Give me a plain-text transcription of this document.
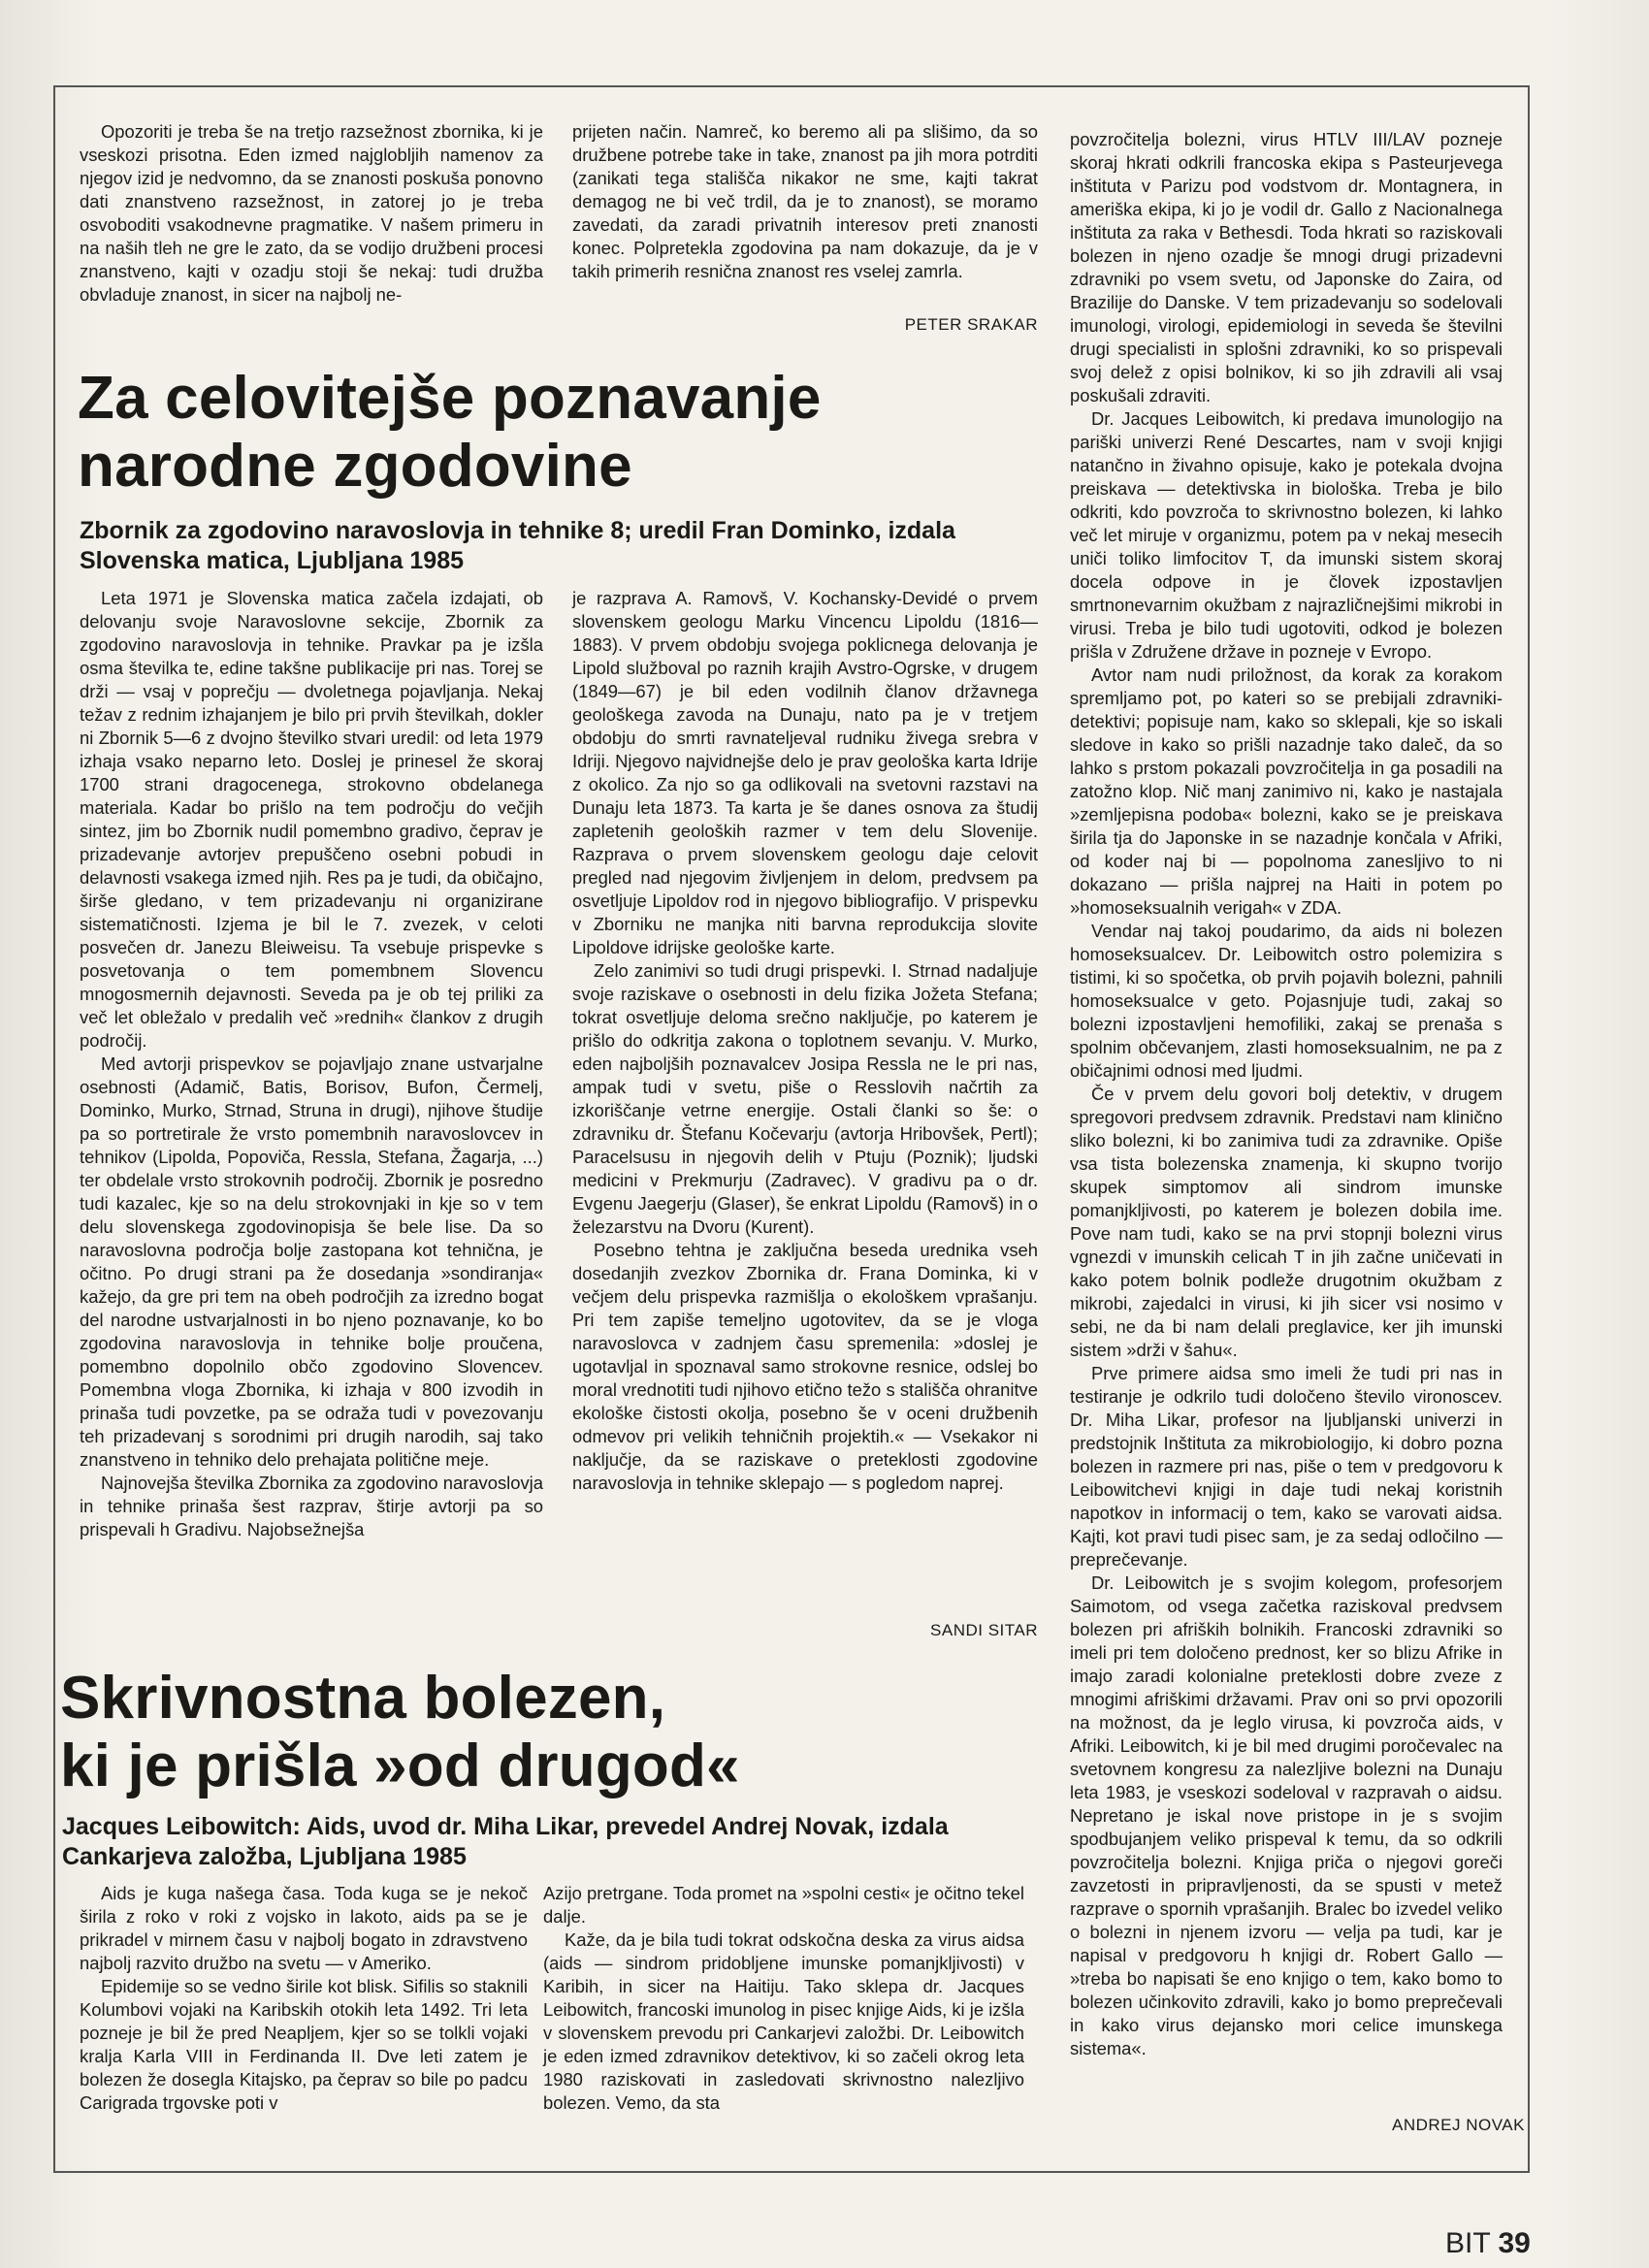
Opozoriti je treba še na tretjo razsežnost zbornika, ki je vseskozi prisotna. Eden izmed najglobljih namenov za njegov izid je nedvomno, da se znanosti poskuša ponovno dati znanstveno razsežnost, in zatorej jo je treba osvoboditi vsakodnevne pragmatike. V našem primeru in na naših tleh ne gre le zato, da se vodijo družbeni procesi znanstveno, kajti v ozadju stoji še nekaj: tudi družba obvladuje znanost, in sicer na najbolj ne-

prijeten način. Namreč, ko beremo ali pa slišimo, da so družbene potrebe take in take, znanost pa jih mora potrditi (zanikati tega stališča nikakor ne sme, kajti takrat demagog ne bi več trdil, da je to znanost), se moramo zavedati, da zaradi privatnih interesov preti znanosti konec. Polpretekla zgodovina pa nam dokazuje, da je v takih primerih resnična znanost res vselej zamrla.

PETER SRAKAR
Za celovitejše poznavanje
narodne zgodovine

Zbornik za zgodovino naravoslovja in tehnike 8; uredil Fran Dominko, izdala Slovenska matica, Ljubljana 1985

Leta 1971 je Slovenska matica začela izdajati, ob delovanju svoje Naravoslovne sekcije, Zbornik za zgodovino naravoslovja in tehnike. Pravkar pa je izšla osma številka te, edine takšne publikacije pri nas. Torej se drži — vsaj v poprečju — dvoletnega pojavljanja. Nekaj težav z rednim izhajanjem je bilo pri prvih številkah, dokler ni Zbornik 5—6 z dvojno številko stvari uredil: od leta 1979 izhaja vsako neparno leto. Doslej je prinesel že skoraj 1700 strani dragocenega, strokovno obdelanega materiala. Kadar bo prišlo na tem področju do večjih sintez, jim bo Zbornik nudil pomembno gradivo, čeprav je prizadevanje avtorjev prepuščeno osebni pobudi in delavnosti vsakega izmed njih. Res pa je tudi, da običajno, širše gledano, v tem prizadevanju ni organizirane sistematičnosti. Izjema je bil le 7. zvezek, v celoti posvečen dr. Janezu Bleiweisu. Ta vsebuje prispevke s posvetovanja o tem pomembnem Slovencu mnogosmernih dejavnosti. Seveda pa je ob tej priliki za več let obležalo v predalih več »rednih« člankov z drugih področij.

Med avtorji prispevkov se pojavljajo znane ustvarjalne osebnosti (Adamič, Batis, Borisov, Bufon, Čermelj, Dominko, Murko, Strnad, Struna in drugi), njihove študije pa so portretirale že vrsto pomembnih naravoslovcev in tehnikov (Lipolda, Popoviča, Ressla, Stefana, Žagarja, ...) ter obdelale vrsto strokovnih področij. Zbornik je posredno tudi kazalec, kje so na delu strokovnjaki in kje so v tem delu slovenskega zgodovinopisja še bele lise. Da so naravoslovna področja bolje zastopana kot tehnična, je očitno. Po drugi strani pa že dosedanja »sondiranja« kažejo, da gre pri tem na obeh področjih za izredno bogat del narodne ustvarjalnosti in bo njeno poznavanje, ko bo zgodovina naravoslovja in tehnike bolje proučena, pomembno dopolnilo občo zgodovino Slovencev. Pomembna vloga Zbornika, ki izhaja v 800 izvodih in prinaša tudi povzetke, pa se odraža tudi v povezovanju teh prizadevanj s sorodnimi pri drugih narodih, saj tako znanstveno in tehniko delo prehajata politične meje.

Najnovejša številka Zbornika za zgodovino naravoslovja in tehnike prinaša šest razprav, štirje avtorji pa so prispevali h Gradivu. Najobsežnejša

je razprava A. Ramovš, V. Kochansky-Devidé o prvem slovenskem geologu Marku Vincencu Lipoldu (1816—1883). V prvem obdobju svojega poklicnega delovanja je Lipold služboval po raznih krajih Avstro-Ogrske, v drugem (1849—67) je bil eden vodilnih članov državnega geološkega zavoda na Dunaju, nato pa je v tretjem obdobju do smrti ravnateljeval rudniku živega srebra v Idriji. Njegovo najvidnejše delo je prav geološka karta Idrije z okolico. Za njo so ga odlikovali na svetovni razstavi na Dunaju leta 1873. Ta karta je še danes osnova za študij zapletenih geoloških razmer v tem delu Slovenije. Razprava o prvem slovenskem geologu daje celovit pregled nad njegovim življenjem in delom, predvsem pa osvetljuje Lipoldov rod in njegovo bibliografijo. V prispevku v Zborniku ne manjka niti barvna reprodukcija slovite Lipoldove idrijske geološke karte.

Zelo zanimivi so tudi drugi prispevki. I. Strnad nadaljuje svoje raziskave o osebnosti in delu fizika Jožeta Stefana; tokrat osvetljuje deloma srečno naključje, po katerem je prišlo do odkritja zakona o toplotnem sevanju. V. Murko, eden najboljših poznavalcev Josipa Ressla ne le pri nas, ampak tudi v svetu, piše o Resslovih načrtih za izkoriščanje vetrne energije. Ostali članki so še: o zdravniku dr. Štefanu Kočevarju (avtorja Hribovšek, Pertl); Paracelsusu in njegovih delih v Ptuju (Poznik); ljudski medicini v Prekmurju (Zadravec). V gradivu pa o dr. Evgenu Jaegerju (Glaser), še enkrat Lipoldu (Ramovš) in o železarstvu na Dvoru (Kurent).

Posebno tehtna je zaključna beseda urednika vseh dosedanjih zvezkov Zbornika dr. Frana Dominka, ki v večjem delu prispevka razmišlja o ekološkem vprašanju. Pri tem zapiše temeljno ugotovitev, da se je vloga naravoslovca v zadnjem času spremenila: »doslej je ugotavljal in spoznaval samo strokovne resnice, odslej bo moral vrednotiti tudi njihovo etično težo s stališča ohranitve ekološke čistosti okolja, posebno še v oceni družbenih odmevov pri velikih tehničnih projektih.« — Vsekakor ni naključje, da se raziskave o preteklosti zgodovine naravoslovja in tehnike sklepajo — s pogledom naprej.

SANDI SITAR
Skrivnostna bolezen,
ki je prišla »od drugod«

Jacques Leibowitch: Aids, uvod dr. Miha Likar, prevedel Andrej Novak, izdala Cankarjeva založba, Ljubljana 1985

Aids je kuga našega časa. Toda kuga se je nekoč širila z roko v roki z vojsko in lakoto, aids pa se je prikradel v mirnem času v najbolj bogato in zdravstveno najbolj razvito družbo na svetu — v Ameriko.

Epidemije so se vedno širile kot blisk. Sifilis so staknili Kolumbovi vojaki na Karibskih otokih leta 1492. Tri leta pozneje je bil že pred Neapljem, kjer so se tolkli vojaki kralja Karla VIII in Ferdinanda II. Dve leti zatem je bolezen že dosegla Kitajsko, pa čeprav so bile po padcu Carigrada trgovske poti v

Azijo pretrgane. Toda promet na »spolni cesti« je očitno tekel dalje.

Kaže, da je bila tudi tokrat odskočna deska za virus aidsa (aids — sindrom pridobljene imunske pomanjkljivosti) v Karibih, in sicer na Haitiju. Tako sklepa dr. Jacques Leibowitch, francoski imunolog in pisec knjige Aids, ki je izšla v slovenskem prevodu pri Cankarjevi založbi. Dr. Leibowitch je eden izmed zdravnikov detektivov, ki so začeli okrog leta 1980 raziskovati in zasledovati skrivnostno nalezljivo bolezen. Vemo, da sta

povzročitelja bolezni, virus HTLV III/LAV pozneje skoraj hkrati odkrili francoska ekipa s Pasteurjevega inštituta v Parizu pod vodstvom dr. Montagnera, in ameriška ekipa, ki jo je vodil dr. Gallo z Nacionalnega inštituta za raka v Bethesdi. Toda hkrati so raziskovali bolezen in njeno ozadje še mnogi drugi prizadevni zdravniki po vsem svetu, od Japonske do Zaira, od Brazilije do Danske. V tem prizadevanju so sodelovali imunologi, virologi, epidemiologi in seveda še številni drugi specialisti in splošni zdravniki, ko so prispevali svoj delež z opisi bolnikov, ki so jih zdravili ali vsaj poskušali zdraviti.

Dr. Jacques Leibowitch, ki predava imunologijo na pariški univerzi René Descartes, nam v svoji knjigi natančno in živahno opisuje, kako je potekala dvojna preiskava — detektivska in biološka. Treba je bilo odkriti, kdo povzroča to skrivnostno bolezen, ki lahko več let miruje v organizmu, potem pa v nekaj mesecih uniči toliko limfocitov T, da imunski sistem skoraj docela odpove in je človek izpostavljen smrtnonevarnim okužbam z najrazličnejšimi mikrobi in virusi. Treba je bilo tudi ugotoviti, odkod je bolezen prišla v Združene države in pozneje v Evropo.

Avtor nam nudi priložnost, da korak za korakom spremljamo pot, po kateri so se prebijali zdravniki-detektivi; popisuje nam, kako so sklepali, kje so iskali sledove in kako so prišli nazadnje tako daleč, da so lahko s prstom pokazali povzročitelja in ga posadili na zatožno klop. Nič manj zanimivo ni, kako je nastajala »zemljepisna podoba« bolezni, kako se je preiskava širila tja do Japonske in se nazadnje končala v Afriki, od koder naj bi — popolnoma zanesljivo to ni dokazano — prišla najprej na Haiti in potem po »homoseksualnih verigah« v ZDA.

Vendar naj takoj poudarimo, da aids ni bolezen homoseksualcev. Dr. Leibowitch ostro polemizira s tistimi, ki so spočetka, ob prvih pojavih bolezni, pahnili homoseksualce v geto. Pojasnjuje tudi, zakaj so bolezni izpostavljeni hemofiliki, zakaj se prenaša s spolnim občevanjem, zlasti homoseksualnim, ne pa z običajnimi odnosi med ljudmi.

Če v prvem delu govori bolj detektiv, v drugem spregovori predvsem zdravnik. Predstavi nam klinično sliko bolezni, ki bo zanimiva tudi za zdravnike. Opiše vsa tista bolezenska znamenja, ki skupno tvorijo skupek simptomov ali sindrom imunske pomanjkljivosti, po katerem je bolezen dobila ime. Pove nam tudi, kako se na prvi stopnji bolezni virus vgnezdi v imunskih celicah T in jih začne uničevati in kako potem bolnik podleže drugotnim okužbam z mikrobi, zajedalci in virusi, ki jih sicer vsi nosimo v sebi, ne da bi nam delali preglavice, ker jih imunski sistem »drži v šahu«.

Prve primere aidsa smo imeli že tudi pri nas in testiranje je odkrilo tudi določeno število vironoscev. Dr. Miha Likar, profesor na ljubljanski univerzi in predstojnik Inštituta za mikrobiologijo, ki dobro pozna bolezen in razmere pri nas, piše o tem v predgovoru k Leibowitchevi knjigi in daje tudi nekaj koristnih napotkov in informacij o tem, kako se varovati aidsa. Kajti, kot pravi tudi pisec sam, je za sedaj odločilno — preprečevanje.

Dr. Leibowitch je s svojim kolegom, profesorjem Saimotom, od vsega začetka raziskoval predvsem bolezen pri afriških bolnikih. Francoski zdravniki so imeli pri tem določeno prednost, ker so blizu Afrike in imajo zaradi kolonialne preteklosti dobre zveze z mnogimi afriškimi državami. Prav oni so prvi opozorili na možnost, da je leglo virusa, ki povzroča aids, v Afriki. Leibowitch, ki je bil med drugimi poročevalec na svetovnem kongresu za nalezljive bolezni na Dunaju leta 1983, je vseskozi sodeloval v razpravah o aidsu. Nepretano je iskal nove pristope in je s svojim spodbujanjem veliko prispeval k temu, da so odkrili povzročitelja bolezni. Knjiga priča o njegovi goreči zavzetosti in pripravljenosti, da se spusti v metež razprave o spornih vprašanjih. Bralec bo izvedel veliko o bolezni in njenem izvoru — velja pa tudi, kar je napisal v predgovoru h knjigi dr. Robert Gallo — »treba bo napisati še eno knjigo o tem, kako bomo to bolezen učinkovito zdravili, kako jo bomo preprečevali in kako virus dejansko mori celice imunskega sistema«.

ANDREJ NOVAK
BIT 39
